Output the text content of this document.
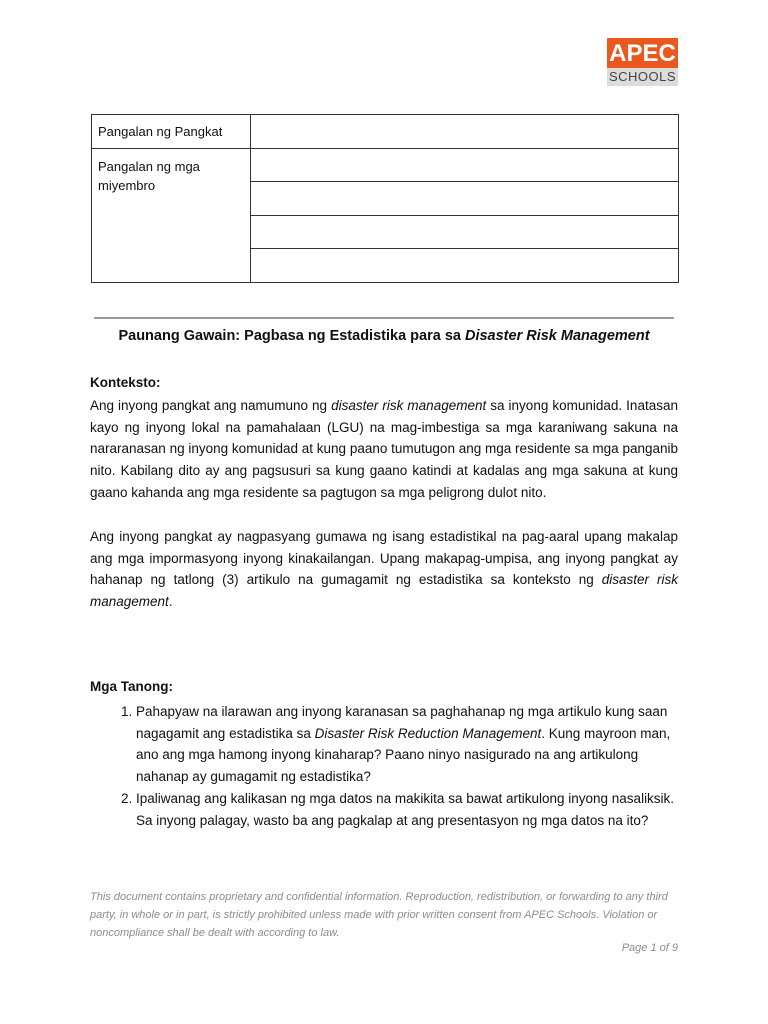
APEC
SCHOOLS
Pangalan ng Pangkat	
Pangalan ng mga miyembro	

Paunang Gawain: Pagbasa ng Estadistika para sa Disaster Risk Management
Konteksto:
Ang inyong pangkat ang namumuno ng disaster risk management sa inyong komunidad. Inatasan kayo ng inyong lokal na pamahalaan (LGU) na mag-imbestiga sa mga karaniwang sakuna na nararanasan ng inyong komunidad at kung paano tumutugon ang mga residente sa mga panganib nito. Kabilang dito ay ang pagsusuri sa kung gaano katindi at kadalas ang mga sakuna at kung gaano kahanda ang mga residente sa pagtugon sa mga peligrong dulot nito.
Ang inyong pangkat ay nagpasyang gumawa ng isang estadistikal na pag-aaral upang makalap ang mga impormasyong inyong kinakailangan. Upang makapag-umpisa, ang inyong pangkat ay hahanap ng tatlong (3) artikulo na gumagamit ng estadistika sa konteksto ng disaster risk management.
Mga Tanong:
1. Pahapyaw na ilarawan ang inyong karanasan sa paghahanap ng mga artikulo kung saan nagagamit ang estadistika sa Disaster Risk Reduction Management. Kung mayroon man, ano ang mga hamong inyong kinaharap? Paano ninyo nasigurado na ang artikulong nahanap ay gumagamit ng estadistika?
2. Ipaliwanag ang kalikasan ng mga datos na makikita sa bawat artikulong inyong nasaliksik. Sa inyong palagay, wasto ba ang pagkalap at ang presentasyon ng mga datos na ito?
This document contains proprietary and confidential information. Reproduction, redistribution, or forwarding to any third party, in whole or in part, is strictly prohibited unless made with prior written consent from APEC Schools. Violation or noncompliance shall be dealt with according to law.
Page 1 of 9
